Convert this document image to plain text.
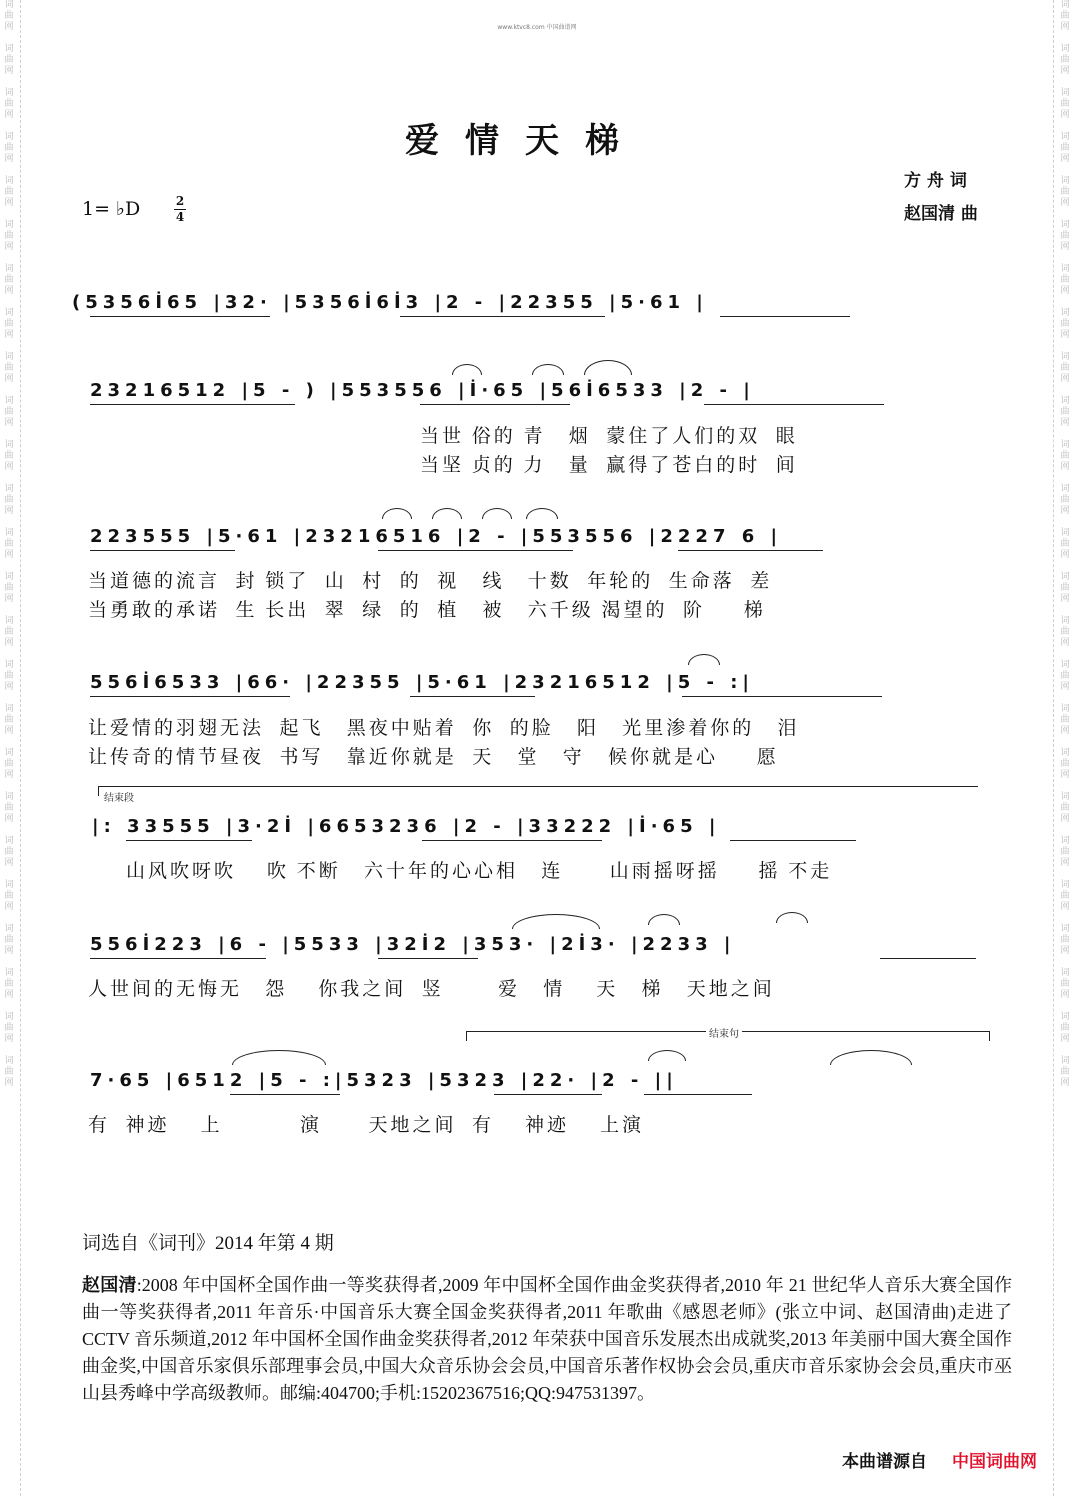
词
曲
网

词
曲
网

词
曲
网

词
曲
网

词
曲
网

词
曲
网

词
曲
网

词
曲
网

词
曲
网

词
曲
网

词
曲
网

词
曲
网

词
曲
网

词
曲
网

词
曲
网

词
曲
网

词
曲
网

词
曲
网

词
曲
网

词
曲
网

词
曲
网

词
曲
网

词
曲
网

词
曲
网

词
曲
网

词
曲
网

词
曲
网

词
曲
网

词
曲
网

词
曲
网

词
曲
网

词
曲
网

词
曲
网

词
曲
网

词
曲
网

词
曲
网

词
曲
网

词
曲
网

词
曲
网

词
曲
网

词
曲
网

词
曲
网

词
曲
网

词
曲
网

词
曲
网

词
曲
网

词
曲
网

词
曲
网

词
曲
网

词
曲
网

www.ktvc8.com 中国曲谱网
爱情天梯
方 舟 词
赵国清 曲
1= ♭D	2
4
(5356İ65 |32· |5356İ6İ3 |2 - |22355 |5·61 |
23216512 |5 - ) |553556 |İ·65 |56İ6533 |2 - |
当世 俗的 青   烟  蒙住了人们的双  眼
当坚 贞的 力   量  赢得了苍白的时  间
223555 |5·61 |23216516 |2 - |553556 |2227 6 |
当道德的流言  封 锁了  山  村  的  视   线   十数  年轮的  生命落  差
当勇敢的承诺  生 长出  翠  绿  的  植   被   六千级 渴望的  阶     梯
556İ6533 |66· |22355 |5·61 |23216512 |5 - :|
让爱情的羽翅无法  起飞   黑夜中贴着  你  的脸   阳   光里渗着你的   泪
让传奇的情节昼夜  书写   靠近你就是  天   堂   守   候你就是心     愿
结束段
|: 33555 |3·2İ |6653236 |2 - |33222 |İ·65 |
山风吹呀吹    吹 不断   六十年的心心相   连      山雨摇呀摇     摇 不走
556İ223 |6 - |5533 |32İ2 |353· |2İ3· |2233 |
人世间的无悔无   怨    你我之间  竖       爱   情    天   梯   天地之间
结束句
7·65 |6512 |5 - :|5323 |5323 |22· |2 - ||
有  神迹    上          演      天地之间  有    神迹    上演
词选自《词刊》2014 年第 4 期
赵国清:2008 年中国杯全国作曲一等奖获得者,2009 年中国杯全国作曲金奖获得者,2010 年 21 世纪华人音乐大赛全国作曲一等奖获得者,2011 年音乐·中国音乐大赛全国金奖获得者,2011 年歌曲《感恩老师》(张立中词、赵国清曲)走进了 CCTV 音乐频道,2012 年中国杯全国作曲金奖获得者,2012 年荣获中国音乐发展杰出成就奖,2013 年美丽中国大赛全国作曲金奖,中国音乐家俱乐部理事会员,中国大众音乐协会会员,中国音乐著作权协会会员,重庆市音乐家协会会员,重庆市巫山县秀峰中学高级教师。邮编:404700;手机:15202367516;QQ:947531397。
本曲谱源自 中国词曲网
